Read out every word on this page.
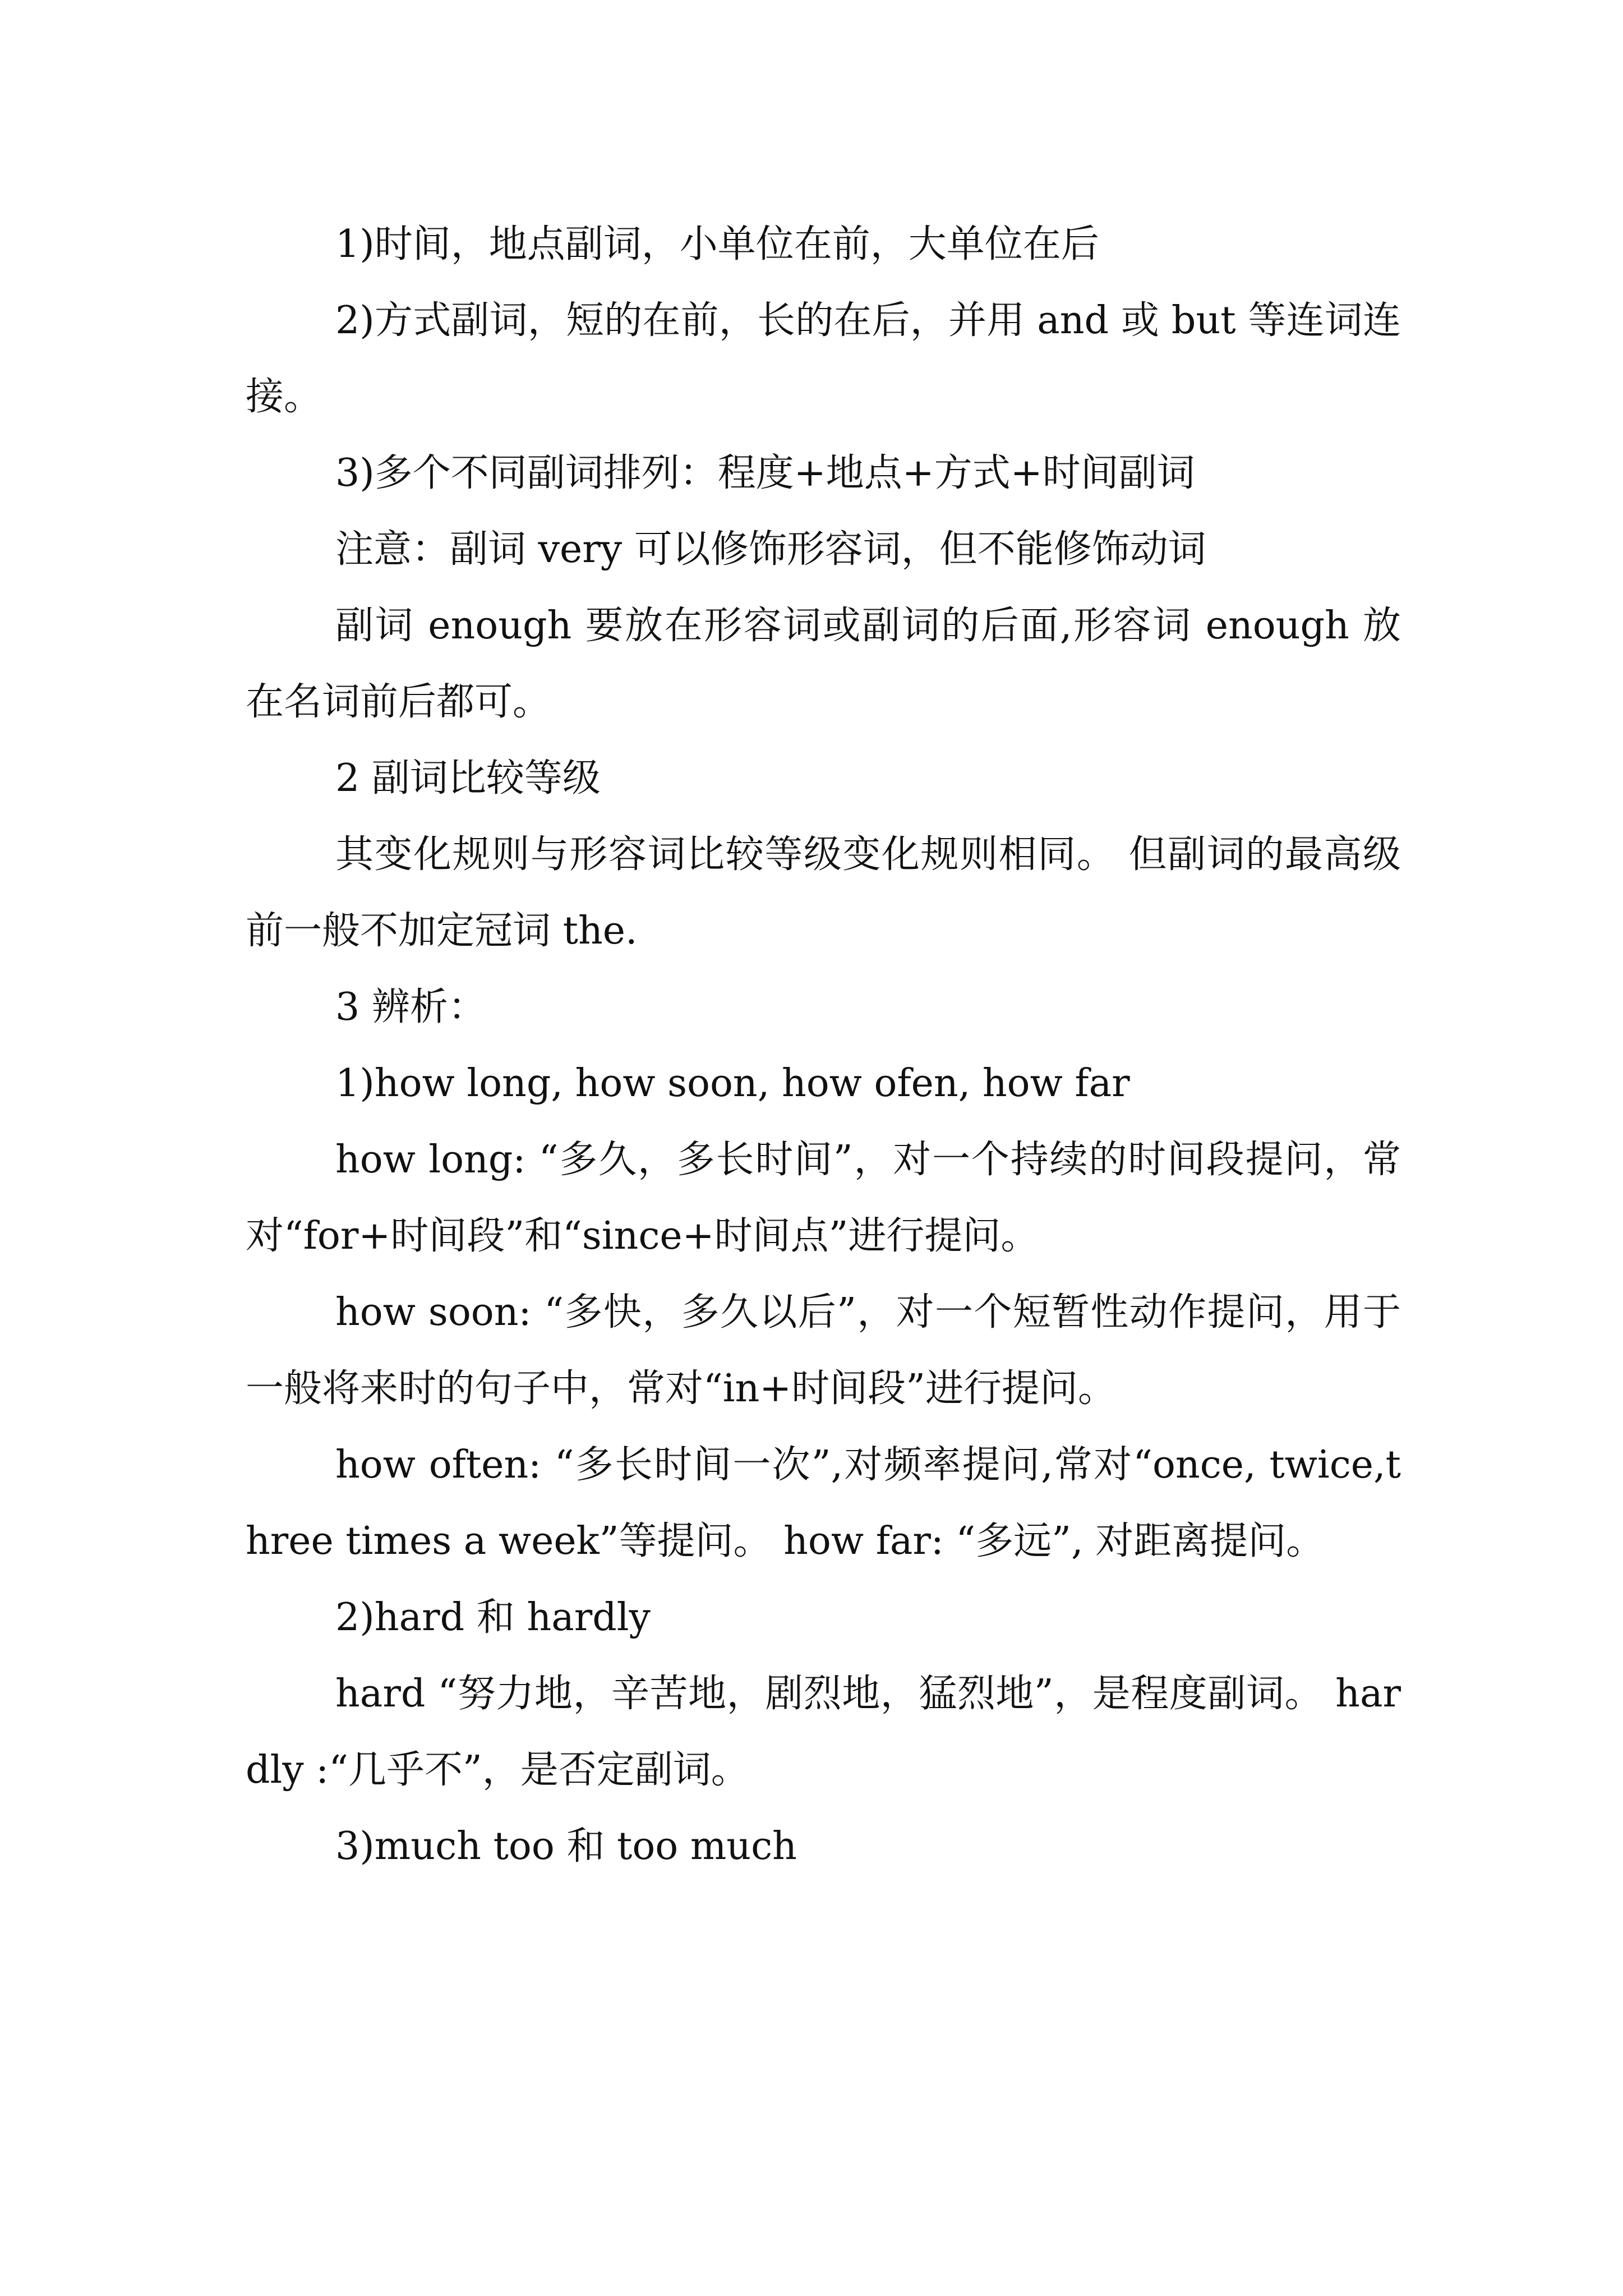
1)时间，地点副词，小单位在前，大单位在后

2)方式副词，短的在前，长的在后，并用 and 或 but 等连词连接。

3)多个不同副词排列：程度+地点+方式+时间副词

注意：副词 very 可以修饰形容词，但不能修饰动词

副词 enough 要放在形容词或副词的后面,形容词 enough 放在名词前后都可。

2 副词比较等级

其变化规则与形容词比较等级变化规则相同。 但副词的最高级前一般不加定冠词 the.

3 辨析：

1)how long, how soon, how ofen, how far

how long: “多久，多长时间”，对一个持续的时间段提问，常对“for+时间段”和“since+时间点”进行提问。

how soon: “多快，多久以后”，对一个短暂性动作提问，用于一般将来时的句子中，常对“in+时间段”进行提问。

how often: “多长时间一次”,对频率提问,常对“once, twice,three times a week”等提问。 how far: “多远”, 对距离提问。

2)hard 和 hardly

hard “努力地，辛苦地，剧烈地，猛烈地”，是程度副词。 hardly :“几乎不”，是否定副词。

3)much too 和 too much
